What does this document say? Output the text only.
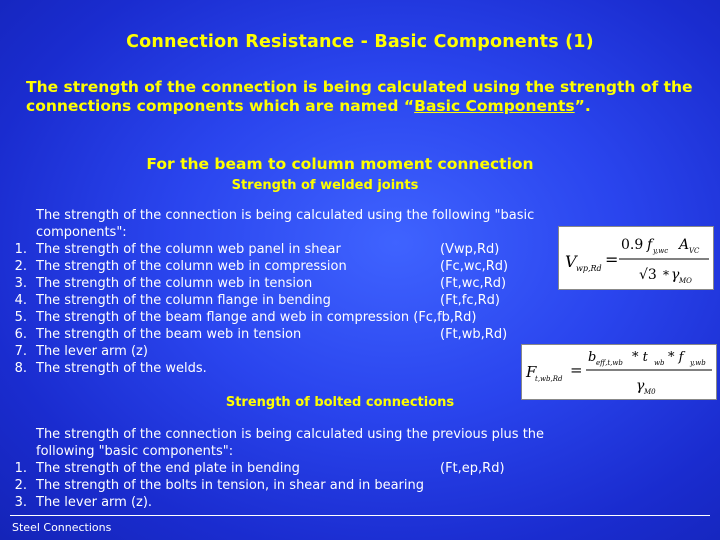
Connection Resistance - Basic Components (1)
The strength of the connection is being calculated using the strength of the connections components which are named “Basic Components”.
For the beam to column moment connection
Strength of welded joints
The strength of the connection is being calculated using the following "basic
components":
1. The strength of the column web panel in shear	(Vwp,Rd)
2. The strength of the column web in compression	(Fc,wc,Rd)
3. The strength of the column web in tension	(Ft,wc,Rd)
4. The strength of the column flange in bending	(Ft,fc,Rd)
5. The strength of the beam flange and web in compression (Fc,fb,Rd)
6. The strength of the beam web in tension	(Ft,wb,Rd)
7. The lever arm (z)
8. The strength of the welds.
V wp,Rd =
0.9 f y,wc A VC
√3 * γ MO
F
t,wb,Rd =
b eff,t,wb * t wb * f y,wb
γ M0
Strength of bolted connections
The strength of the connection is being calculated using the previous plus the
following "basic components":
1. The strength of the end plate in bending	(Ft,ep,Rd)
2. The strength of the bolts in tension, in shear and in bearing
3. The lever arm (z).
Steel Connections
